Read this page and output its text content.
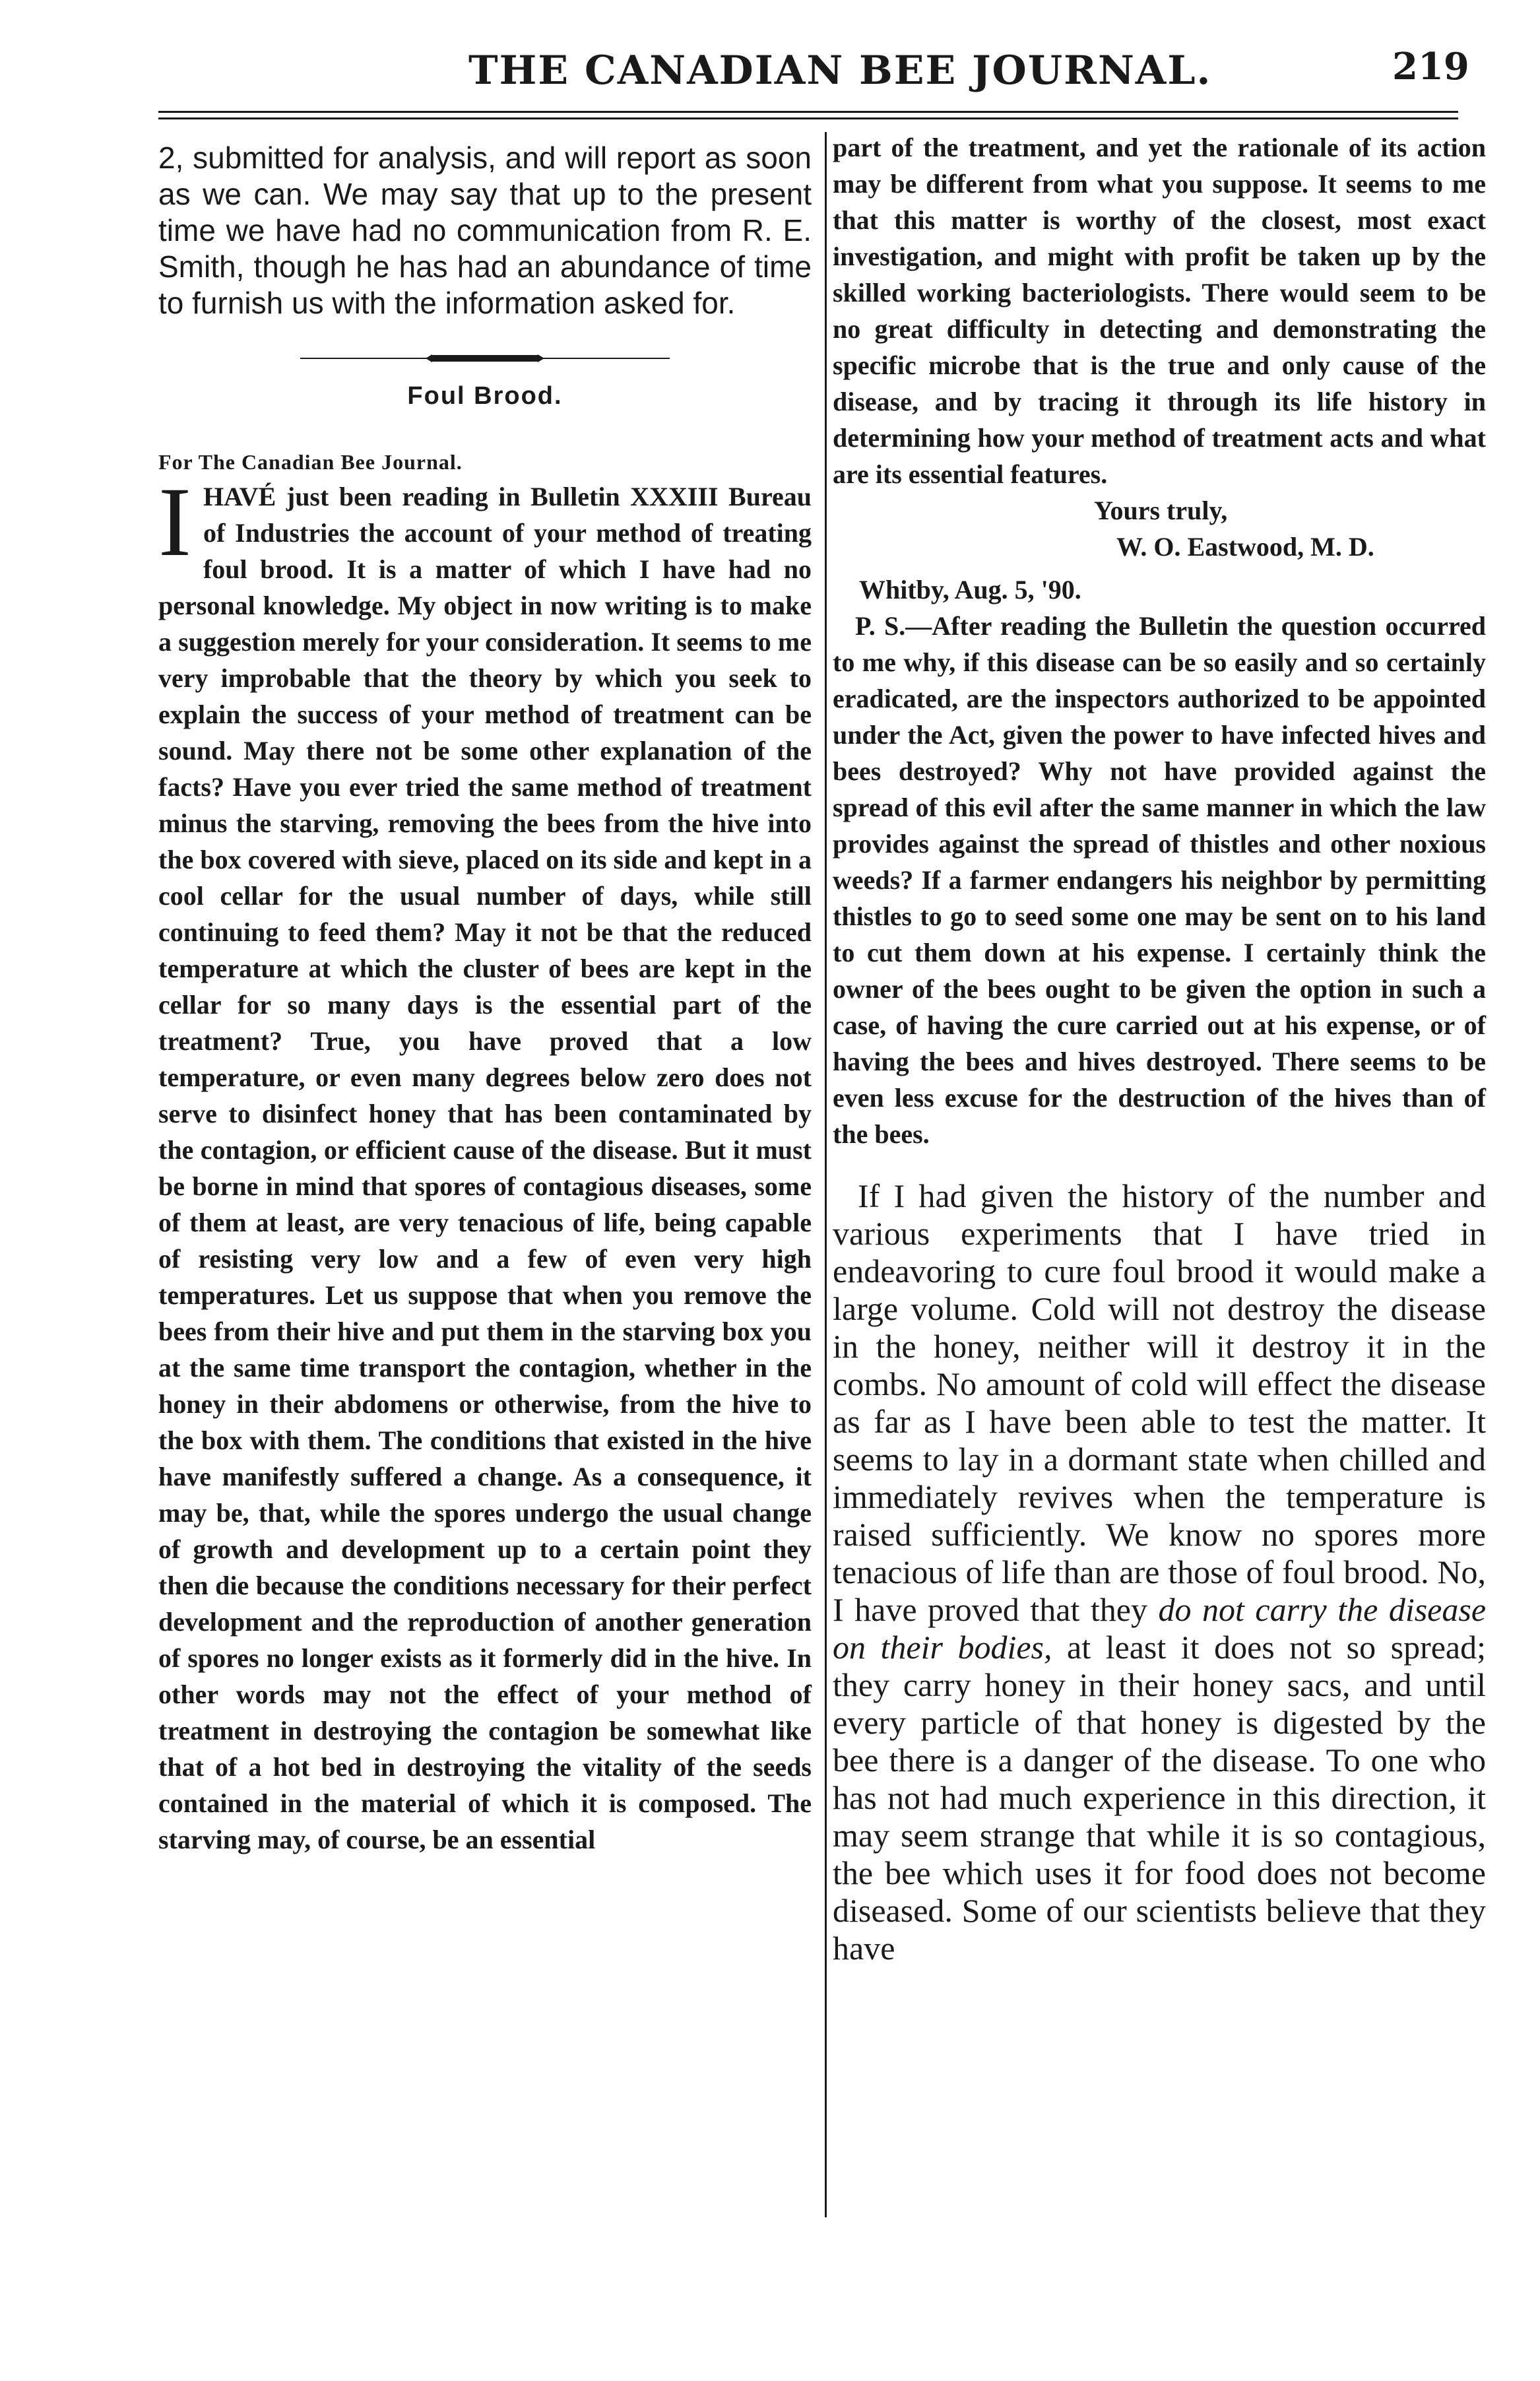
THE CANADIAN BEE JOURNAL.	219

2, submitted for analysis, and will report as soon as we can. We may say that up to the present time we have had no communication from R. E. Smith, though he has had an abundance of time to furnish us with the information asked for.

Foul Brood.

For The Canadian Bee Journal.

I HAVÉ just been reading in Bulletin XXXIII Bureau of Industries the account of your method of treating foul brood. It is a matter of which I have had no personal knowledge. My object in now writing is to make a suggestion merely for your consideration. It seems to me very improbable that the theory by which you seek to explain the success of your method of treatment can be sound. May there not be some other explanation of the facts? Have you ever tried the same method of treatment minus the starving, removing the bees from the hive into the box covered with sieve, placed on its side and kept in a cool cellar for the usual number of days, while still continuing to feed them? May it not be that the reduced temperature at which the cluster of bees are kept in the cellar for so many days is the essential part of the treatment? True, you have proved that a low temperature, or even many degrees below zero does not serve to disinfect honey that has been contaminated by the contagion, or efficient cause of the disease. But it must be borne in mind that spores of contagious diseases, some of them at least, are very tenacious of life, being capable of resisting very low and a few of even very high temperatures. Let us suppose that when you remove the bees from their hive and put them in the starving box you at the same time transport the contagion, whether in the honey in their abdomens or otherwise, from the hive to the box with them. The conditions that existed in the hive have manifestly suffered a change. As a consequence, it may be, that, while the spores undergo the usual change of growth and development up to a certain point they then die because the conditions necessary for their perfect development and the reproduction of another generation of spores no longer exists as it formerly did in the hive. In other words may not the effect of your method of treatment in destroying the contagion be somewhat like that of a hot bed in destroying the vitality of the seeds contained in the material of which it is composed. The starving may, of course, be an essential

part of the treatment, and yet the rationale of its action may be different from what you suppose. It seems to me that this matter is worthy of the closest, most exact investigation, and might with profit be taken up by the skilled working bacteriologists. There would seem to be no great difficulty in detecting and demonstrating the specific microbe that is the true and only cause of the disease, and by tracing it through its life history in determining how your method of treatment acts and what are its essential features.

Yours truly,

W. O. Eastwood, M. D.

Whitby, Aug. 5, '90.

P. S.—After reading the Bulletin the question occurred to me why, if this disease can be so easily and so certainly eradicated, are the inspectors authorized to be appointed under the Act, given the power to have infected hives and bees destroyed? Why not have provided against the spread of this evil after the same manner in which the law provides against the spread of thistles and other noxious weeds? If a farmer endangers his neighbor by permitting thistles to go to seed some one may be sent on to his land to cut them down at his expense. I certainly think the owner of the bees ought to be given the option in such a case, of having the cure carried out at his expense, or of having the bees and hives destroyed. There seems to be even less excuse for the destruction of the hives than of the bees.

If I had given the history of the number and various experiments that I have tried in endeavoring to cure foul brood it would make a large volume. Cold will not destroy the disease in the honey, neither will it destroy it in the combs. No amount of cold will effect the disease as far as I have been able to test the matter. It seems to lay in a dormant state when chilled and immediately revives when the temperature is raised sufficiently. We know no spores more tenacious of life than are those of foul brood. No, I have proved that they do not carry the disease on their bodies, at least it does not so spread; they carry honey in their honey sacs, and until every particle of that honey is digested by the bee there is a danger of the disease. To one who has not had much experience in this direction, it may seem strange that while it is so contagious, the bee which uses it for food does not become diseased. Some of our scientists believe that they have
